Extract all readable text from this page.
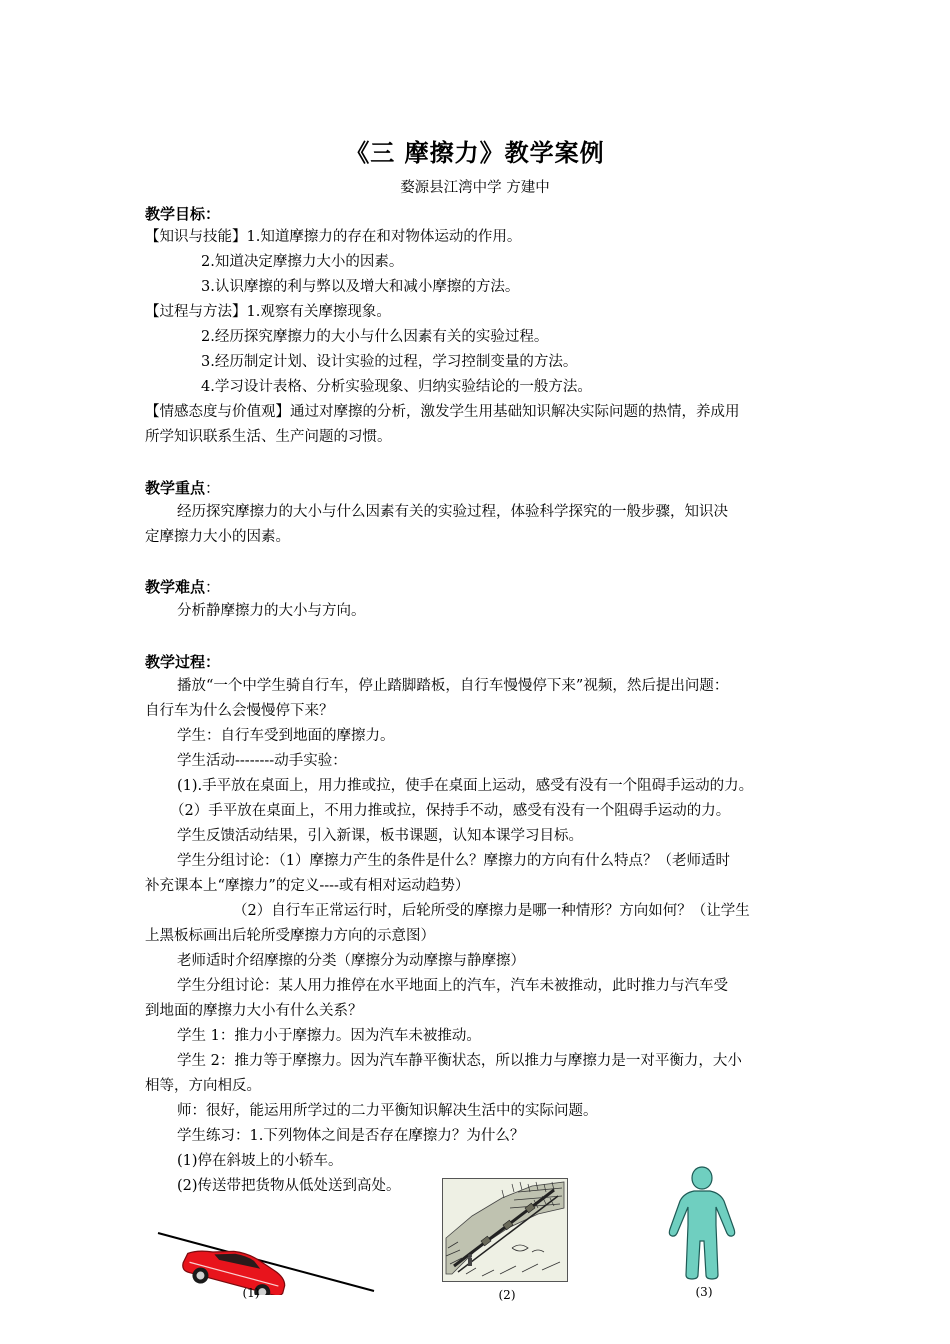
《三 摩擦力》教学案例
婺源县江湾中学 方建中
教学目标：
【知识与技能】1.知道摩擦力的存在和对物体运动的作用。
2.知道决定摩擦力大小的因素。
3.认识摩擦的利与弊以及增大和减小摩擦的方法。
【过程与方法】1.观察有关摩擦现象。
2.经历探究摩擦力的大小与什么因素有关的实验过程。
3.经历制定计划、设计实验的过程，学习控制变量的方法。
4.学习设计表格、分析实验现象、归纳实验结论的一般方法。
【情感态度与价值观】通过对摩擦的分析，激发学生用基础知识解决实际问题的热情，养成用
所学知识联系生活、生产问题的习惯。
教学重点：
经历探究摩擦力的大小与什么因素有关的实验过程，体验科学探究的一般步骤，知识决
定摩擦力大小的因素。
教学难点：
分析静摩擦力的大小与方向。
教学过程：
播放“一个中学生骑自行车，停止踏脚踏板，自行车慢慢停下来”视频，然后提出问题：
自行车为什么会慢慢停下来？
学生：自行车受到地面的摩擦力。
学生活动--------动手实验：
(1).手平放在桌面上，用力推或拉，使手在桌面上运动，感受有没有一个阻碍手运动的力。
（2）手平放在桌面上，不用力推或拉，保持手不动，感受有没有一个阻碍手运动的力。
学生反馈活动结果，引入新课，板书课题，认知本课学习目标。
学生分组讨论：（1）摩擦力产生的条件是什么？摩擦力的方向有什么特点？（老师适时
补充课本上“摩擦力”的定义----或有相对运动趋势）
（2）自行车正常运行时，后轮所受的摩擦力是哪一种情形？方向如何？（让学生
上黑板标画出后轮所受摩擦力方向的示意图）
老师适时介绍摩擦的分类（摩擦分为动摩擦与静摩擦）
学生分组讨论：某人用力推停在水平地面上的汽车，汽车未被推动，此时推力与汽车受
到地面的摩擦力大小有什么关系？
学生 1：推力小于摩擦力。因为汽车未被推动。
学生 2：推力等于摩擦力。因为汽车静平衡状态，所以推力与摩擦力是一对平衡力，大小
相等，方向相反。
师：很好，能运用所学过的二力平衡知识解决生活中的实际问题。
学生练习：1.下列物体之间是否存在摩擦力？为什么？
(1)停在斜坡上的小轿车。
(2)传送带把货物从低处送到高处。
(1)	(2)	(3)
